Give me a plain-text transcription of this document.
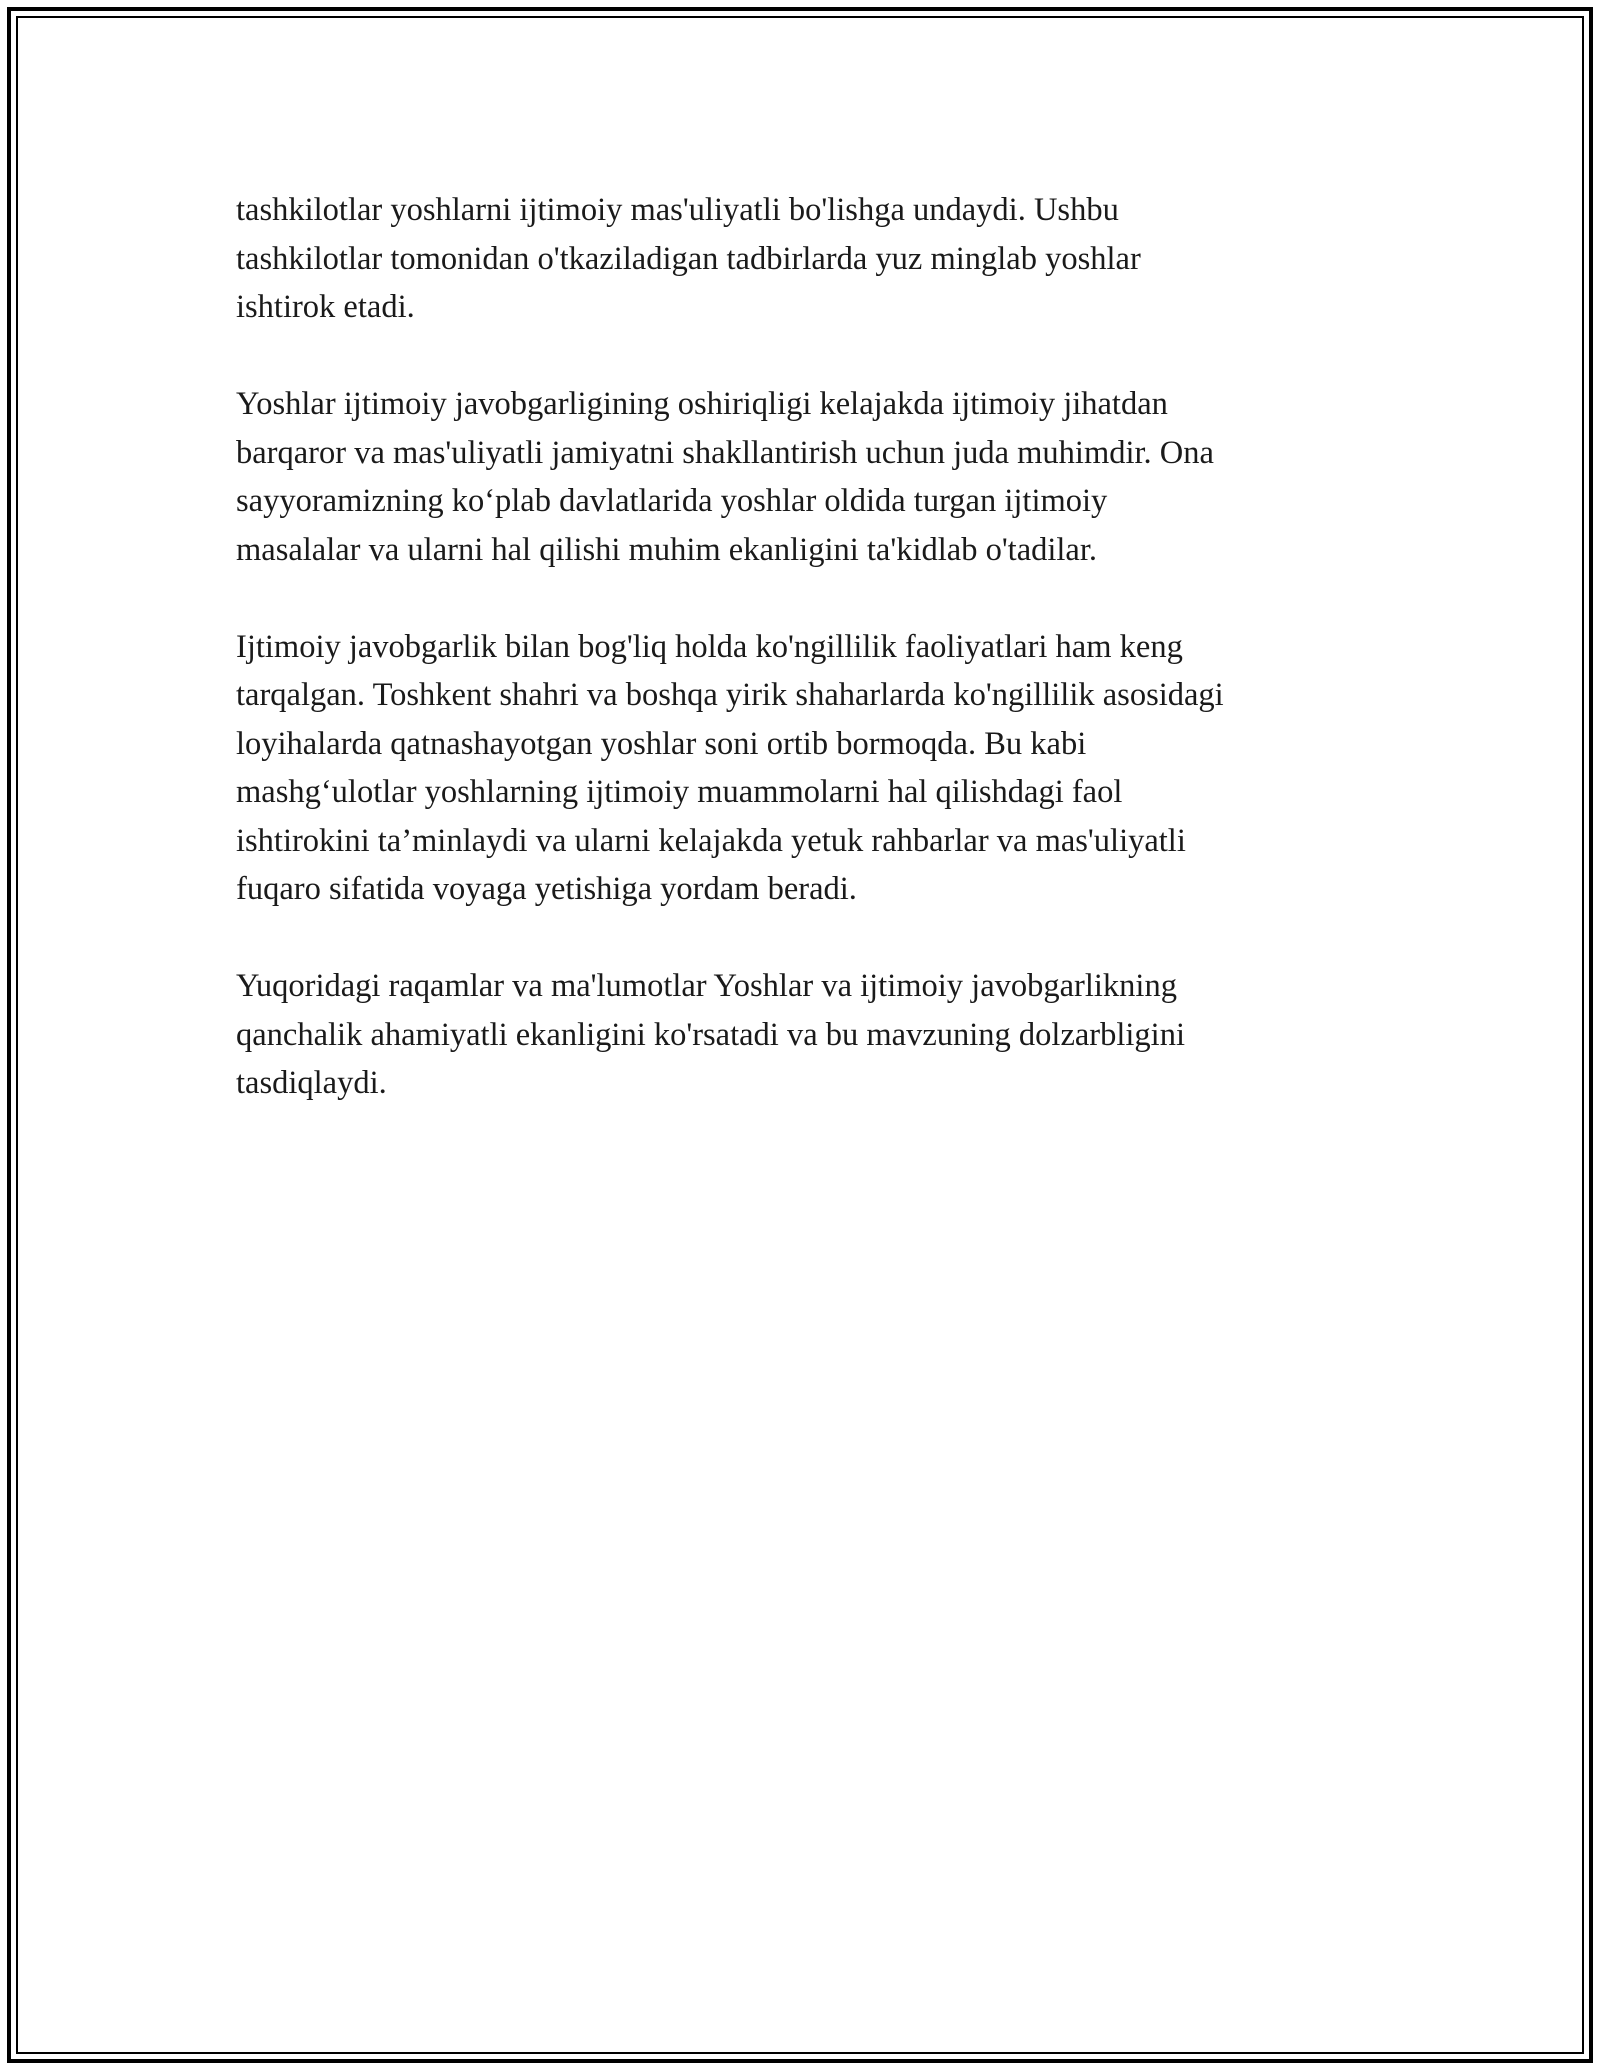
tashkilotlar yoshlarni ijtimoiy mas'uliyatli bo'lishga undaydi. Ushbu
tashkilotlar tomonidan o'tkaziladigan tadbirlarda yuz minglab yoshlar
ishtirok etadi.

Yoshlar ijtimoiy javobgarligining oshiriqligi kelajakda ijtimoiy jihatdan
barqaror va mas'uliyatli jamiyatni shakllantirish uchun juda muhimdir. Ona
sayyoramizning ko‘plab davlatlarida yoshlar oldida turgan ijtimoiy
masalalar va ularni hal qilishi muhim ekanligini ta'kidlab o'tadilar.

Ijtimoiy javobgarlik bilan bog'liq holda ko'ngillilik faoliyatlari ham keng
tarqalgan. Toshkent shahri va boshqa yirik shaharlarda ko'ngillilik asosidagi
loyihalarda qatnashayotgan yoshlar soni ortib bormoqda. Bu kabi
mashg‘ulotlar yoshlarning ijtimoiy muammolarni hal qilishdagi faol
ishtirokini ta’minlaydi va ularni kelajakda yetuk rahbarlar va mas'uliyatli
fuqaro sifatida voyaga yetishiga yordam beradi.

Yuqoridagi raqamlar va ma'lumotlar Yoshlar va ijtimoiy javobgarlikning
qanchalik ahamiyatli ekanligini ko'rsatadi va bu mavzuning dolzarbligini
tasdiqlaydi.
